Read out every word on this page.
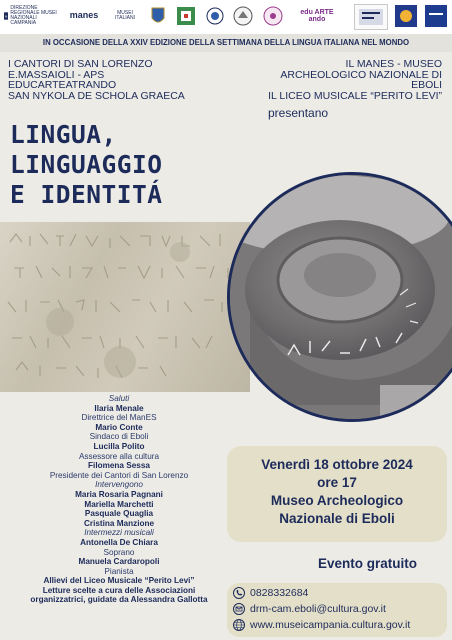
M
DIREZIONE REGIONALE MUSEI NAZIONALI CAMPANIA
manes	MUSEI ITALIANI
edu ARTE ando
IN OCCASIONE DELLA XXIV EDIZIONE DELLA SETTIMANA DELLA LINGUA ITALIANA NEL MONDO
I CANTORI DI SAN LORENZO
E.MASSAIOLI - APS
EDUCARTEATRANDO
SAN NYKOLA DE SCHOLA GRAECA
IL MANES - MUSEO
ARCHEOLOGICO NAZIONALE DI
EBOLI
IL LICEO MUSICALE “PERITO LEVI”
presentano
LINGUA,
LINGUAGGIO
E IDENTITÁ
Saluti
Ilaria Menale
Direttrice del ManES
Mario Conte
Sindaco di Eboli
Lucilla Polito
Assessore alla cultura
Filomena Sessa
Presidente dei Cantori di San Lorenzo
Intervengono
Maria Rosaria Pagnani
Mariella Marchetti
Pasquale Quaglia
Cristina Manzione
Intermezzi musicali
Antonella De Chiara
Soprano
Manuela Cardaropoli
Pianista
Allievi del Liceo Musicale “Perito Levi”
Letture scelte a cura delle Associazioni
organizzatrici, guidate da Alessandra Gallotta
Venerdì 18 ottobre 2024
ore 17
Museo Archeologico
Nazionale di Eboli
Evento gratuito
0828332684
drm-cam.eboli@cultura.gov.it
www.museicampania.cultura.gov.it
